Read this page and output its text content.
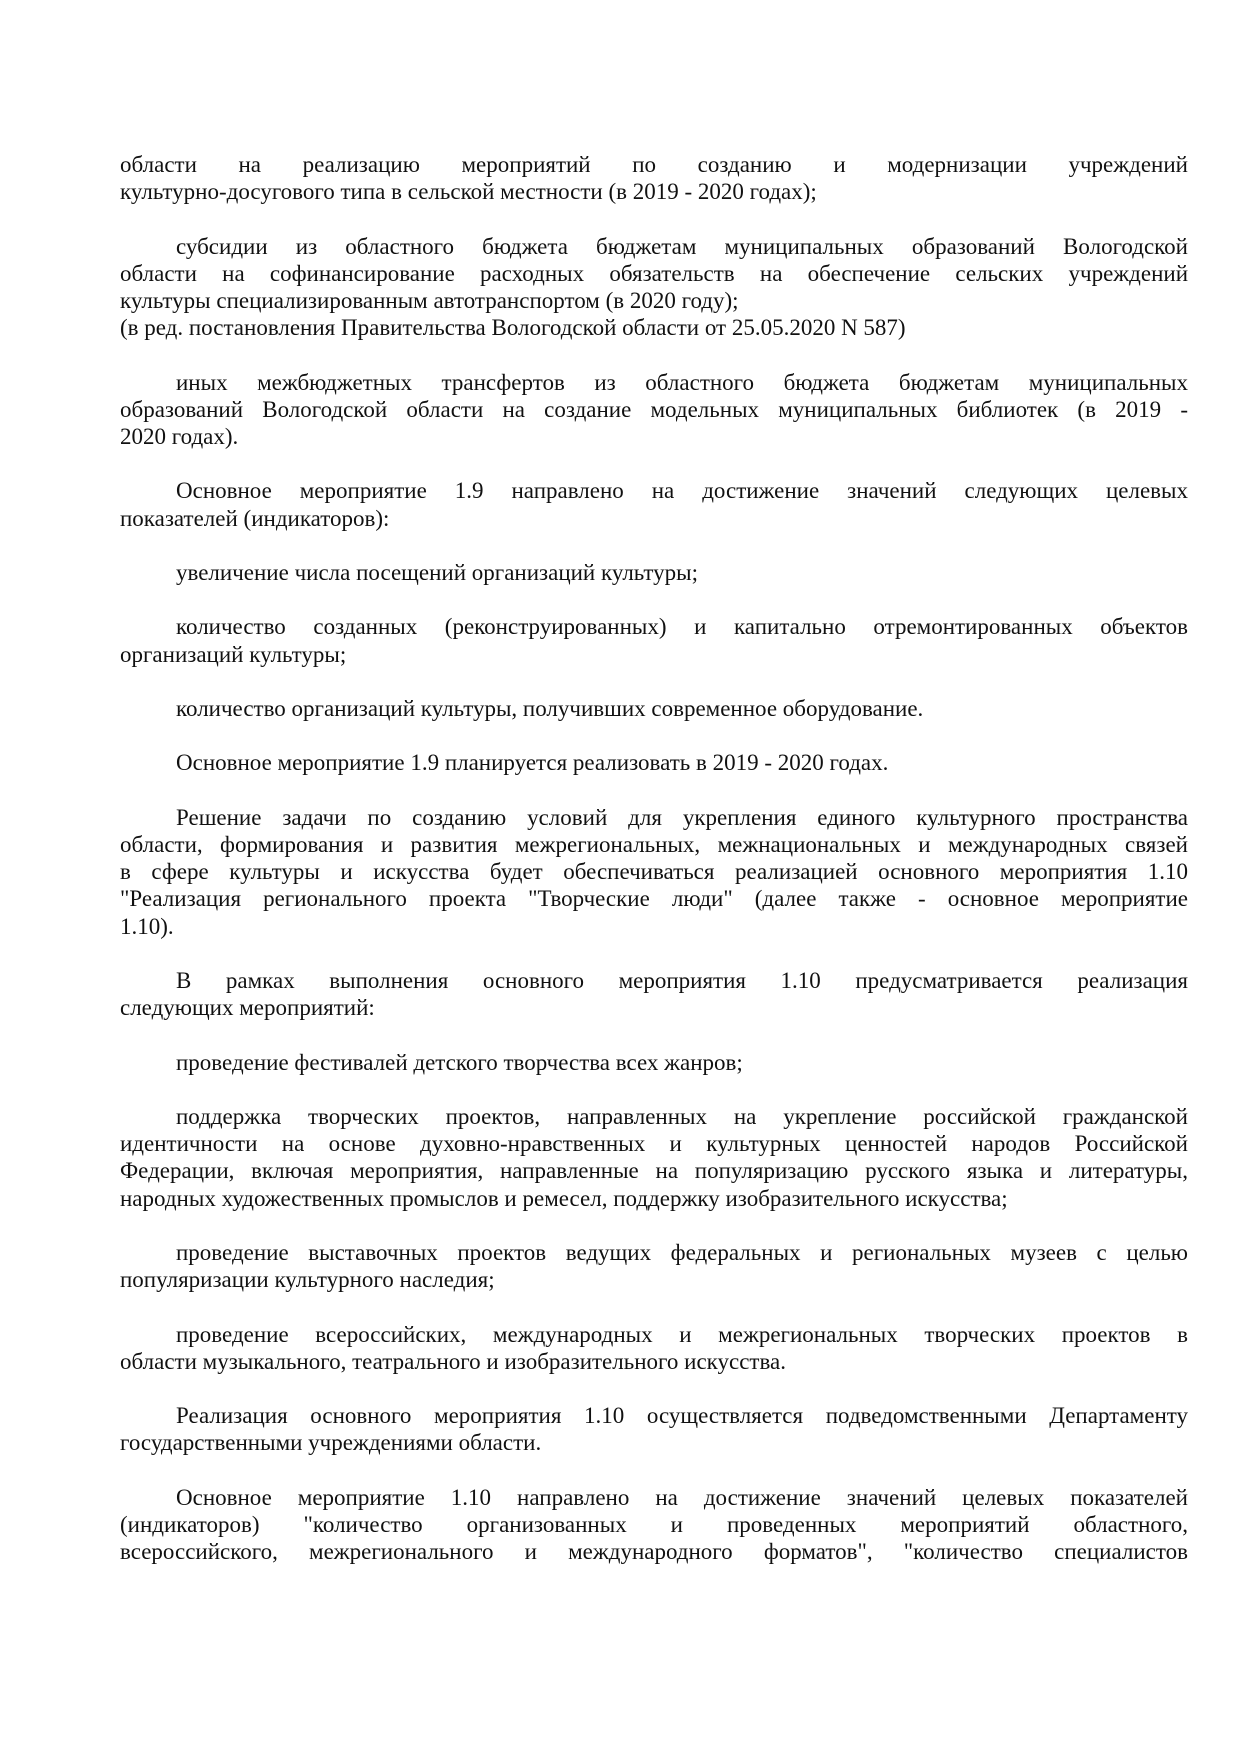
области на реализацию мероприятий по созданию и модернизации учреждений
культурно-досугового типа в сельской местности (в 2019 - 2020 годах);
субсидии из областного бюджета бюджетам муниципальных образований Вологодской
области на софинансирование расходных обязательств на обеспечение сельских учреждений
культуры специализированным автотранспортом (в 2020 году);
(в ред. постановления Правительства Вологодской области от 25.05.2020 N 587)
иных межбюджетных трансфертов из областного бюджета бюджетам муниципальных
образований Вологодской области на создание модельных муниципальных библиотек (в 2019 -
2020 годах).
Основное мероприятие 1.9 направлено на достижение значений следующих целевых
показателей (индикаторов):
увеличение числа посещений организаций культуры;
количество созданных (реконструированных) и капитально отремонтированных объектов
организаций культуры;
количество организаций культуры, получивших современное оборудование.
Основное мероприятие 1.9 планируется реализовать в 2019 - 2020 годах.
Решение задачи по созданию условий для укрепления единого культурного пространства
области, формирования и развития межрегиональных, межнациональных и международных связей
в сфере культуры и искусства будет обеспечиваться реализацией основного мероприятия 1.10
"Реализация регионального проекта "Творческие люди" (далее также - основное мероприятие
1.10).
В рамках выполнения основного мероприятия 1.10 предусматривается реализация
следующих мероприятий:
проведение фестивалей детского творчества всех жанров;
поддержка творческих проектов, направленных на укрепление российской гражданской
идентичности на основе духовно-нравственных и культурных ценностей народов Российской
Федерации, включая мероприятия, направленные на популяризацию русского языка и литературы,
народных художественных промыслов и ремесел, поддержку изобразительного искусства;
проведение выставочных проектов ведущих федеральных и региональных музеев с целью
популяризации культурного наследия;
проведение всероссийских, международных и межрегиональных творческих проектов в
области музыкального, театрального и изобразительного искусства.
Реализация основного мероприятия 1.10 осуществляется подведомственными Департаменту
государственными учреждениями области.
Основное мероприятие 1.10 направлено на достижение значений целевых показателей
(индикаторов) "количество организованных и проведенных мероприятий областного,
всероссийского, межрегионального и международного форматов", "количество специалистов
